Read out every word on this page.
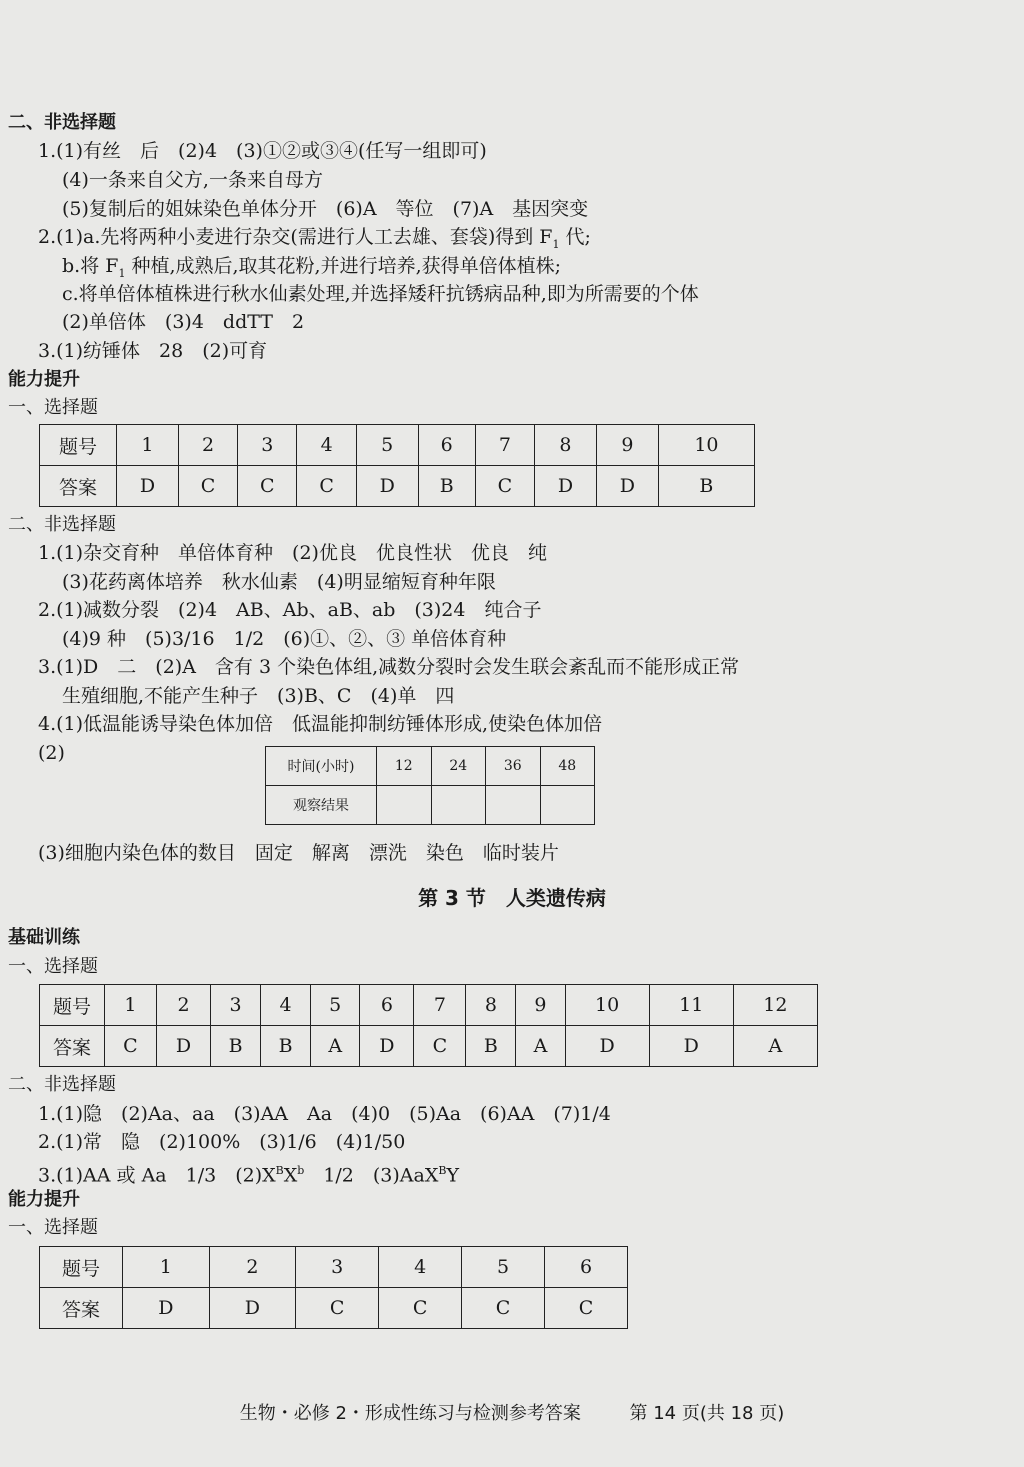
二、非选择题
1.(1)有丝　后　(2)4　(3)①②或③④(任写一组即可)
(4)一条来自父方,一条来自母方
(5)复制后的姐妹染色单体分开　(6)A　等位　(7)A　基因突变
2.(1)a.先将两种小麦进行杂交(需进行人工去雄、套袋)得到 $F_1$ 代;
b.将 $F_1$ 种植,成熟后,取其花粉,并进行培养,获得单倍体植株;
c.将单倍体植株进行秋水仙素处理,并选择矮秆抗锈病品种,即为所需要的个体
(2)单倍体　(3)4　ddTT　2
3.(1)纺锤体　28　(2)可育
能力提升
一、选择题
题号	1	2	3	4	5	6	7	8	9	10
答案	D	C	C	C	D	B	C	D	D	B
二、非选择题
1.(1)杂交育种　单倍体育种　(2)优良　优良性状　优良　纯
(3)花药离体培养　秋水仙素　(4)明显缩短育种年限
2.(1)减数分裂　(2)4　AB、Ab、aB、ab　(3)24　纯合子
(4)9 种　(5)3/16　1/2　(6)①、②、③ 单倍体育种
3.(1)D　二　(2)A　含有 3 个染色体组,减数分裂时会发生联会紊乱而不能形成正常
生殖细胞,不能产生种子　(3)B、C　(4)单　四
4.(1)低温能诱导染色体加倍　低温能抑制纺锤体形成,使染色体加倍
(2)
时间(小时)	12	24	36	48
观察结果				
(3)细胞内染色体的数目　固定　解离　漂洗　染色　临时装片
第 3 节　人类遗传病
基础训练
一、选择题
题号	1	2	3	4	5	6	7	8	9	10	11	12
答案	C	D	B	B	A	D	C	B	A	D	D	A
二、非选择题
1.(1)隐　(2)Aa、aa　(3)AA　Aa　(4)0　(5)Aa　(6)AA　(7)1/4
2.(1)常　隐　(2)100%　(3)1/6　(4)1/50
3.(1)AA 或 Aa　1/3　$(2)X^BX^b$　1/2　(3)AaX$^B$Y
能力提升
一、选择题
题号	1	2	3	4	5	6
答案	D	D	C	C	C	C
生物・必修 2・形成性练习与检测参考答案	第 14 页(共 18 页)
